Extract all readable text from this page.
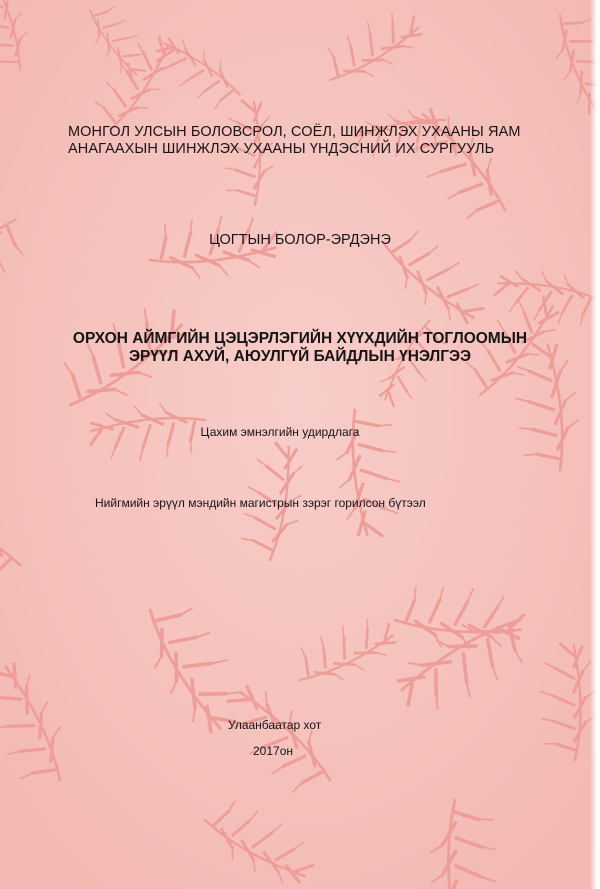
МОНГОЛ УЛСЫН БОЛОВСРОЛ, СОЁЛ, ШИНЖЛЭХ УХААНЫ ЯАМ
АНАГААХЫН ШИНЖЛЭХ УХААНЫ ҮНДЭСНИЙ ИХ СУРГУУЛЬ
ЦОГТЫН БОЛОР-ЭРДЭНЭ
ОРХОН АЙМГИЙН ЦЭЦЭРЛЭГИЙН ХҮҮХДИЙН ТОГЛООМЫН
ЭРҮҮЛ АХУЙ, АЮУЛГҮЙ БАЙДЛЫН ҮНЭЛГЭЭ
Цахим эмнэлгийн удирдлага
Нийгмийн эрүүл мэндийн магистрын зэрэг горилсон бүтээл
Улаанбаатар хот
2017он
